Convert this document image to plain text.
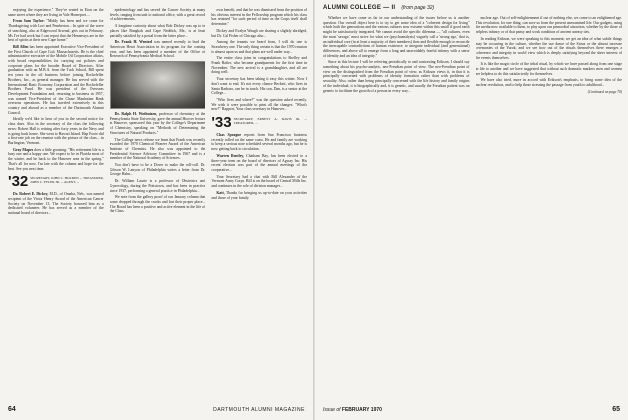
enjoying the experience." They've rented in Eton on the same street where they are living in Vale Homeport....

From Sam Taylor: "Middy has been and we come for Thanksgiving with Lori and Pemberton... In spite of the wave of searching, also at Edgewood Arsenal, gets out in February. Ms I've had work but I can report that the Hennessys are in the best of spirits at their new Cape home."

Bill Allen has been appointed Executive Vice-President of the First Church of Cape Cod, Massachusetts. He is the chief administrative executive of the Mobile Oil Corporation affairs, with broad responsibilities for carrying out policies and corporate plans for the broader Board of Directors. After graduation with an M.B.A. from the Tuck School, Bill spent ten years in the oil business before joining Rockefeller Brothers, Inc., as general manager. He has served with the International Basic Economy Corporation and the Rockefeller Brothers Fund. He was president of the Overseas Development Foundation and, returning to business in 1957, was named Vice-President of the Chase Manhattan Bank overseas operations. He has traveled extensively in this country and abroad as a member of the Dartmouth Alumni Council.

Ideally we'd like to hear of you in the second notice for class dues. Also in the secretary of the class the following news: Robert Hall is retiring after forty years in the Navy and is going back home. She went to Hawaii Island. Hap Foote did a first-rate job on the reunion with the picture of the class... in Burlington, Vermont.

Gray Mapes does a little grousing: "His retirement life is a busy one and a happy one. We expect to be in Florida most of the winter, and be back to the Hanover area in the spring." That's all for now. I'm late with the column and hope for the best. See you next time.

'32 SECRETARY, JOHN C. HOLDEN ... TREASURER, JOHN C. FYLER JR. ... AGENT, ...

Dr. Robert E. Dickey, M.D., of Omaha, Neb., was named recipient of the Victor Henry Award of the American Cancer Society on November 13. The Society honored him as a dedicated volunteer. He has served as a member of the national board of directors...

epidemiology and has served the Cancer Society at many levels, ranging from unit to national office, with a great record of achievements.

A longtime curiosity about what Bob Dickey was up to in places like Bangkok and Cape Neddick, Me., is at least partially satisfied by a postal from the latter place...

Dr. Frank H. Wentzel was named recently to lead the American Heart Association in its program for the coming year, and has been appointed a member of the Office of Research of Pennsylvania Medical School.

Dr. Ralph H. Wothuizen, professor of chemistry at the Pennsylvania State University, gave the annual Hoover lecture at Hanover, sponsored this year by the College's Department of Chemistry, speaking on "Methods of Determining the Structures of Natural Products."

The College news release we learn that Frank was recently awarded the 1970 Chemical Pioneer Award of the American Institute of Chemists. He also was appointed to the Presidential Science Advisory Committee in 1967 and is a member of the National Academy of Sciences.

You don't have to be a Dover to make the roll-call. Dr. Gibson W. Lanyon of Philadelphia writes a letter from Dr. George Hahn...

Dr. William Laurie is a professor of Obstetrics and Gynecology, during the Pottstown, and has been in practice since 1937, performing a general practice in Philadelphia...

We note from the gallery proof of our January column that some dropped through the cracks and lost their proper place... The Board has been a positive and active element in the life of the Class.

own benefit, and that he was dismissed from the position of his obvious interest in the Fellowship program which his class has retained "for such period of time as the Corps itself shall determine."

Dickey and Evalyn Waugh are sharing a slightly abridged, but Dr. Cal Fisher of Chicago also...

Among the tenants we heard from, I will do one is Strawberry one. The only thing certain is that the 1970 reunion is almost upon us and that plans are well under way...

The entire class joins in congratulations to Shelley and Frank Rafter, who became grandparents for the first time in November. The new arrival is a granddaughter, and all are doing well.

Your secretary has been taking it easy this winter. Now I don't want to end. It's not every chance Beckett, who lives in Santa Barbara, can be in touch. His son, Dan, is a senior at the College...

"Who lives and where?" was the question asked recently. We wish it were possible to print all the changes. "What's new?" Rapport, Your class secretary in Hanover...

'33 SECRETARY, ERNEST A. DAVIS JR. ... TREASURER, ...

Chas Sprague reports from San Francisco business recently rolled on the same coast. He and family are working to keep a serious note scheduled several months ago, but he is now getting back to circulation.

Warren Bentley, Chatham Bay, has been elected to a three-year term on the board of directors of Agway Inc. His recent election was part of the annual meetings of the cooperative...

Your Secretary had a chat with Bill Alexander of the Vermont Army Corps. Bill is on the board of Central Mills Inc. and continues in the role of division manager...

Katt, Thanks for bringing us up-to-date on your activities and those of your family.

64	DARTMOUTH ALUMNI MAGAZINE
ALUMNI COLLEGE — II (from page 32)

Whether we have come as far in our understanding of the issues before us is another question. Our overall object here is to try to get some idea of a "coherent design for living" which both the generations and the various cultures now existent within this small if good earth might be satisfactorily integrated. We cannot avoid the specific dilemma — "all cultures, even the most 'savage,' must strive for what we (psychoanalysts) vaguely call a 'strong ego,' that is, an individual core (in at least a majority of their members) firm and flexible enough to reconcile the inescapable contradictions of human existence; to integrate individual (and generational) differences, and above all to emerge from a long and unavoidably fearful infancy with a sense of identity and an idea of integrity."

Since in this lecture I will be referring periodically to and contrasting Erikson, I should say something about his psycho-analytic, neo-Freudian point of view. The neo-Freudian point of view on the distinguished from the Freudian point of view, as Erikson views it, in that it is principally concerned with problems of identity formation rather than with problems of sexuality. Also, rather than being principally concerned with the life history and family origins of the individual, it is biographically and, it is genetic, and usually the Freudian patient was on generic to facilitate the growth of a person in every way...

nuclear age. Out of self-enlightenment if out of nothing else, we come to an enlightened age. This revolution, for one thing, can save us from the present unexamined life. Our gadgets, using the media now available to them, to play upon our primordial attraction, whether by the those of helpless infancy or of that pansy and work condition of ancient uneasy ties.

In reading Erikson, we were speaking to this moment; we get an idea of what subtle things may be occurring in the culture, whether the use dance of the Sioux or the almost increase ceremonies of the Yurok; and we see how out of the rituals themselves there emerges a coherence and integrity in world view which is deeply satisfying beyond the sheer interest of the events themselves.

It is like the magic circle of the tribal ritual, by which we have passed along from one stage in life to another and we have suggested that without such dramatic markers men and women are helpless to do this satisfactorily for themselves.

We have also tried, more in accord with Erikson's emphasis, to bring some idea of the nuclear revolution, and to help those stressing the passage from youth to adulthood...

(Continued on page 70)
Issue of FEBRUARY 1970	65
